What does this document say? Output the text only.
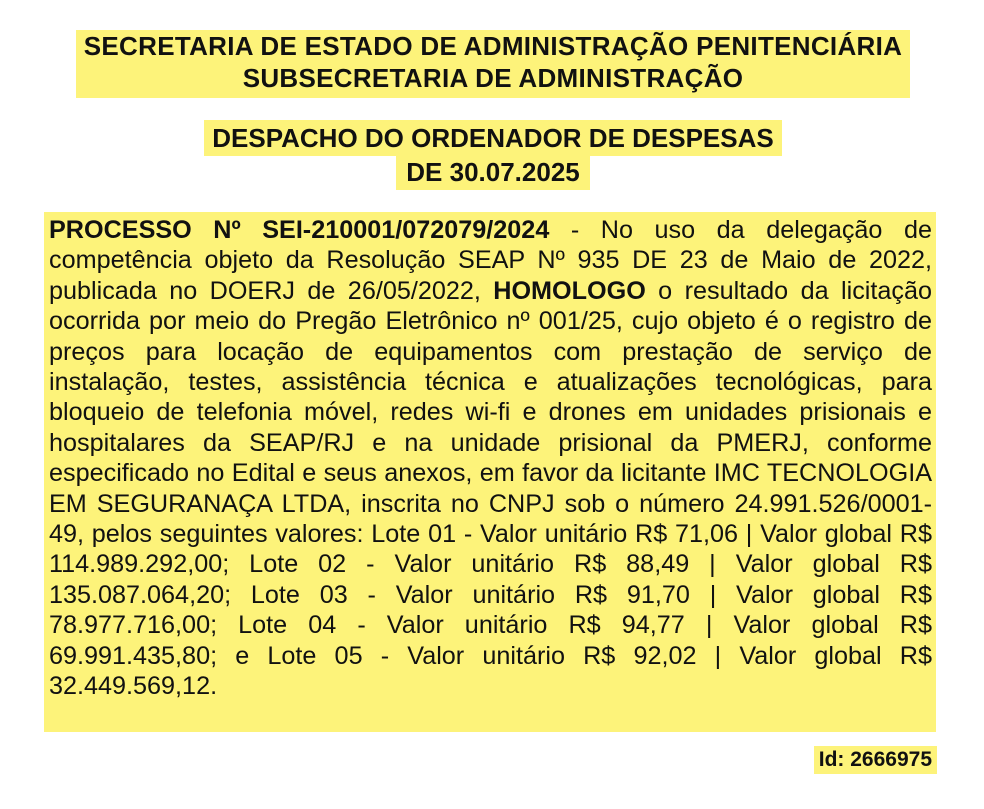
SECRETARIA DE ESTADO DE ADMINISTRAÇÃO PENITENCIÁRIA
SUBSECRETARIA DE ADMINISTRAÇÃO
DESPACHO DO ORDENADOR DE DESPESAS
DE 30.07.2025

PROCESSO Nº SEI-210001/072079/2024 - No uso da delegação de competência objeto da Resolução SEAP Nº 935 DE 23 de Maio de 2022, publicada no DOERJ de 26/05/2022, HOMOLOGO o resultado da licitação ocorrida por meio do Pregão Eletrônico nº 001/25, cujo objeto é o registro de preços para locação de equipamentos com prestação de serviço de instalação, testes, assistência técnica e atualizações tecnológicas, para bloqueio de telefonia móvel, redes wi-fi e drones em unidades prisionais e hospitalares da SEAP/RJ e na unidade prisional da PMERJ, conforme especificado no Edital e seus anexos, em favor da licitante IMC TECNOLOGIA EM SEGURANAÇA LTDA, inscrita no CNPJ sob o número 24.991.526/0001-49, pelos seguintes valores: Lote 01 - Valor unitário R$ 71,06 | Valor global R$ 114.989.292,00; Lote 02 - Valor unitário R$ 88,49 | Valor global R$ 135.087.064,20; Lote 03 - Valor unitário R$ 91,70 | Valor global R$ 78.977.716,00; Lote 04 - Valor unitário R$ 94,77 | Valor global R$ 69.991.435,80; e Lote 05 - Valor unitário R$ 92,02 | Valor global R$ 32.449.569,12.

Id: 2666975
